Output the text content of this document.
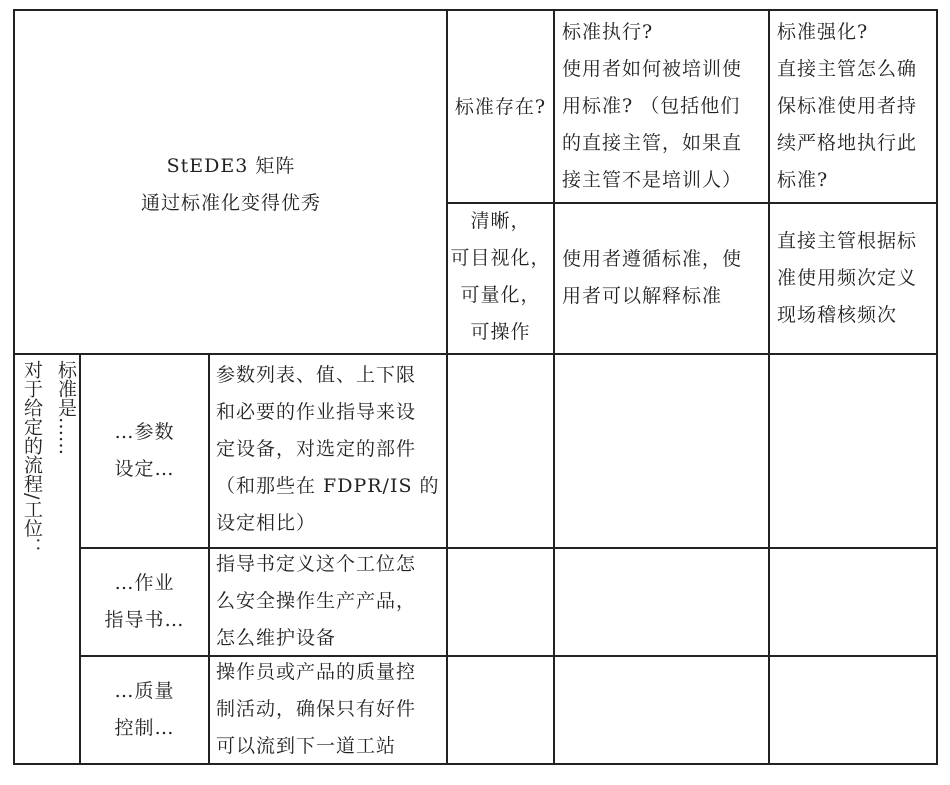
StEDE3 矩阵
通过标准化变得优秀
标准存在?
标准执行?
使用者如何被培训使
用标准? （包括他们
的直接主管，如果直
接主管不是培训人）
标准强化?
直接主管怎么确
保标准使用者持
续严格地执行此
标准?
清晰，
可目视化，
可量化，
可操作
使用者遵循标准，使
用者可以解释标准
直接主管根据标
准使用频次定义
现场稽核频次
对于给定的流程/工位： 标准是……	…参数
设定…
参数列表、值、上下限
和必要的作业指导来设
定设备，对选定的部件
（和那些在 FDPR/IS 的
设定相比）
…作业
指导书…
指导书定义这个工位怎
么安全操作生产产品，
怎么维护设备
…质量
控制…
操作员或产品的质量控
制活动，确保只有好件
可以流到下一道工站
